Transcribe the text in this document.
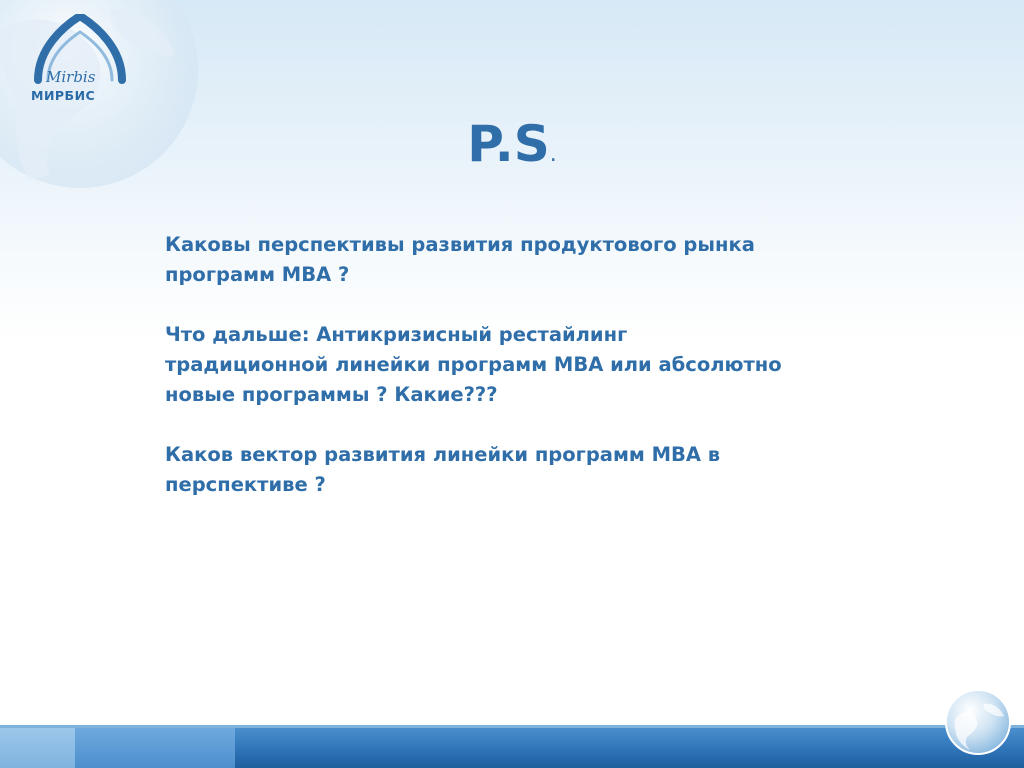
Mirbis
МИРБИС
P.S.

Каковы перспективы развития продуктового рынка
программ МВА ?

Что дальше: Антикризисный рестайлинг
традиционной линейки программ МВА или абсолютно
новые программы ? Какие???

Каков вектор развития линейки программ МВА в
перспективе ?
